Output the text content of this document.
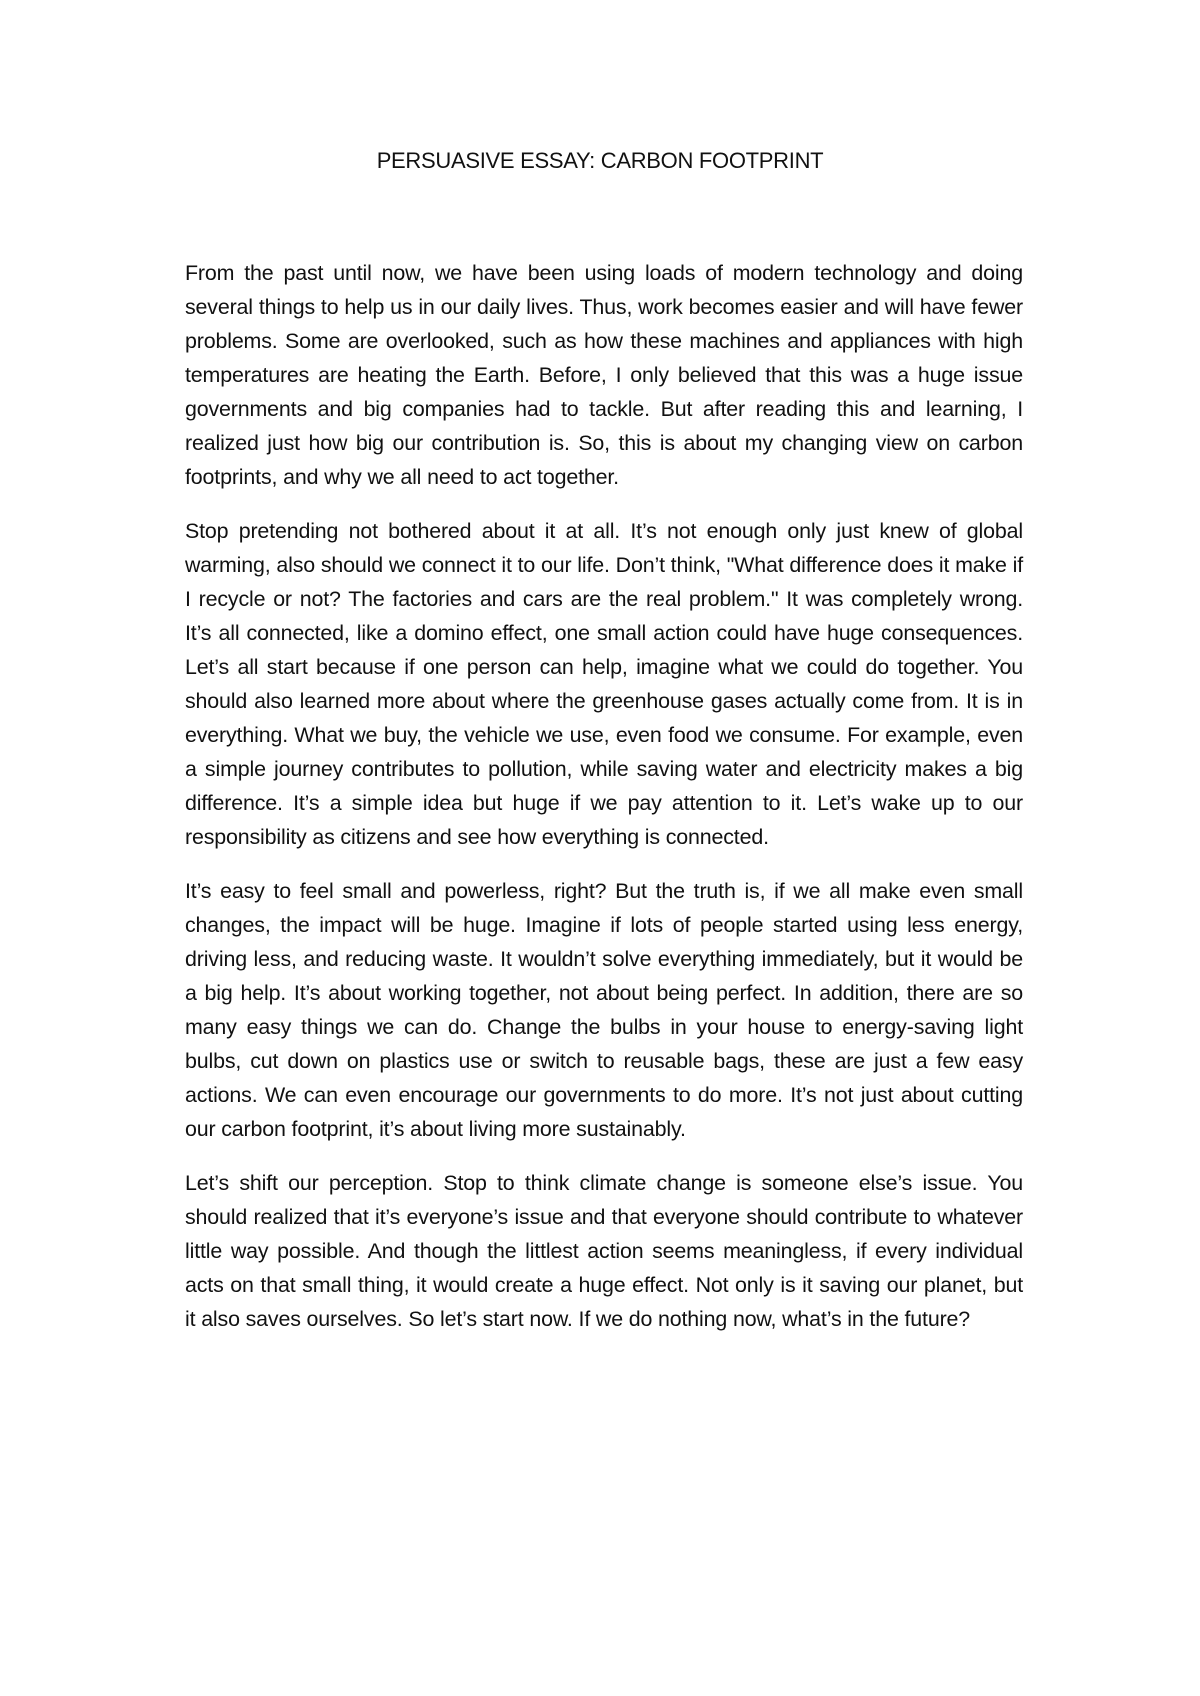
PERSUASIVE ESSAY: CARBON FOOTPRINT

From the past until now, we have been using loads of modern technology and doing several things to help us in our daily lives. Thus, work becomes easier and will have fewer problems. Some are overlooked, such as how these machines and appliances with high temperatures are heating the Earth. Before, I only believed that this was a huge issue governments and big companies had to tackle. But after reading this and learning, I realized just how big our contribution is. So, this is about my changing view on carbon footprints, and why we all need to act together.

Stop pretending not bothered about it at all. It’s not enough only just knew of global warming, also should we connect it to our life. Don’t think, "What difference does it make if I recycle or not? The factories and cars are the real problem." It was completely wrong. It’s all connected, like a domino effect, one small action could have huge consequences. Let’s all start because if one person can help, imagine what we could do together. You should also learned more about where the greenhouse gases actually come from. It is in everything. What we buy, the vehicle we use, even food we consume. For example, even a simple journey contributes to pollution, while saving water and electricity makes a big difference. It’s a simple idea but huge if we pay attention to it. Let’s wake up to our responsibility as citizens and see how everything is connected.

It’s easy to feel small and powerless, right? But the truth is, if we all make even small changes, the impact will be huge. Imagine if lots of people started using less energy, driving less, and reducing waste. It wouldn’t solve everything immediately, but it would be a big help. It’s about working together, not about being perfect. In addition, there are so many easy things we can do. Change the bulbs in your house to energy-saving light bulbs, cut down on plastics use or switch to reusable bags, these are just a few easy actions. We can even encourage our governments to do more. It’s not just about cutting our carbon footprint, it’s about living more sustainably.

Let’s shift our perception. Stop to think climate change is someone else’s issue. You should realized that it’s everyone’s issue and that everyone should contribute to whatever little way possible. And though the littlest action seems meaningless, if every individual acts on that small thing, it would create a huge effect. Not only is it saving our planet, but it also saves ourselves. So let’s start now. If we do nothing now, what’s in the future?
